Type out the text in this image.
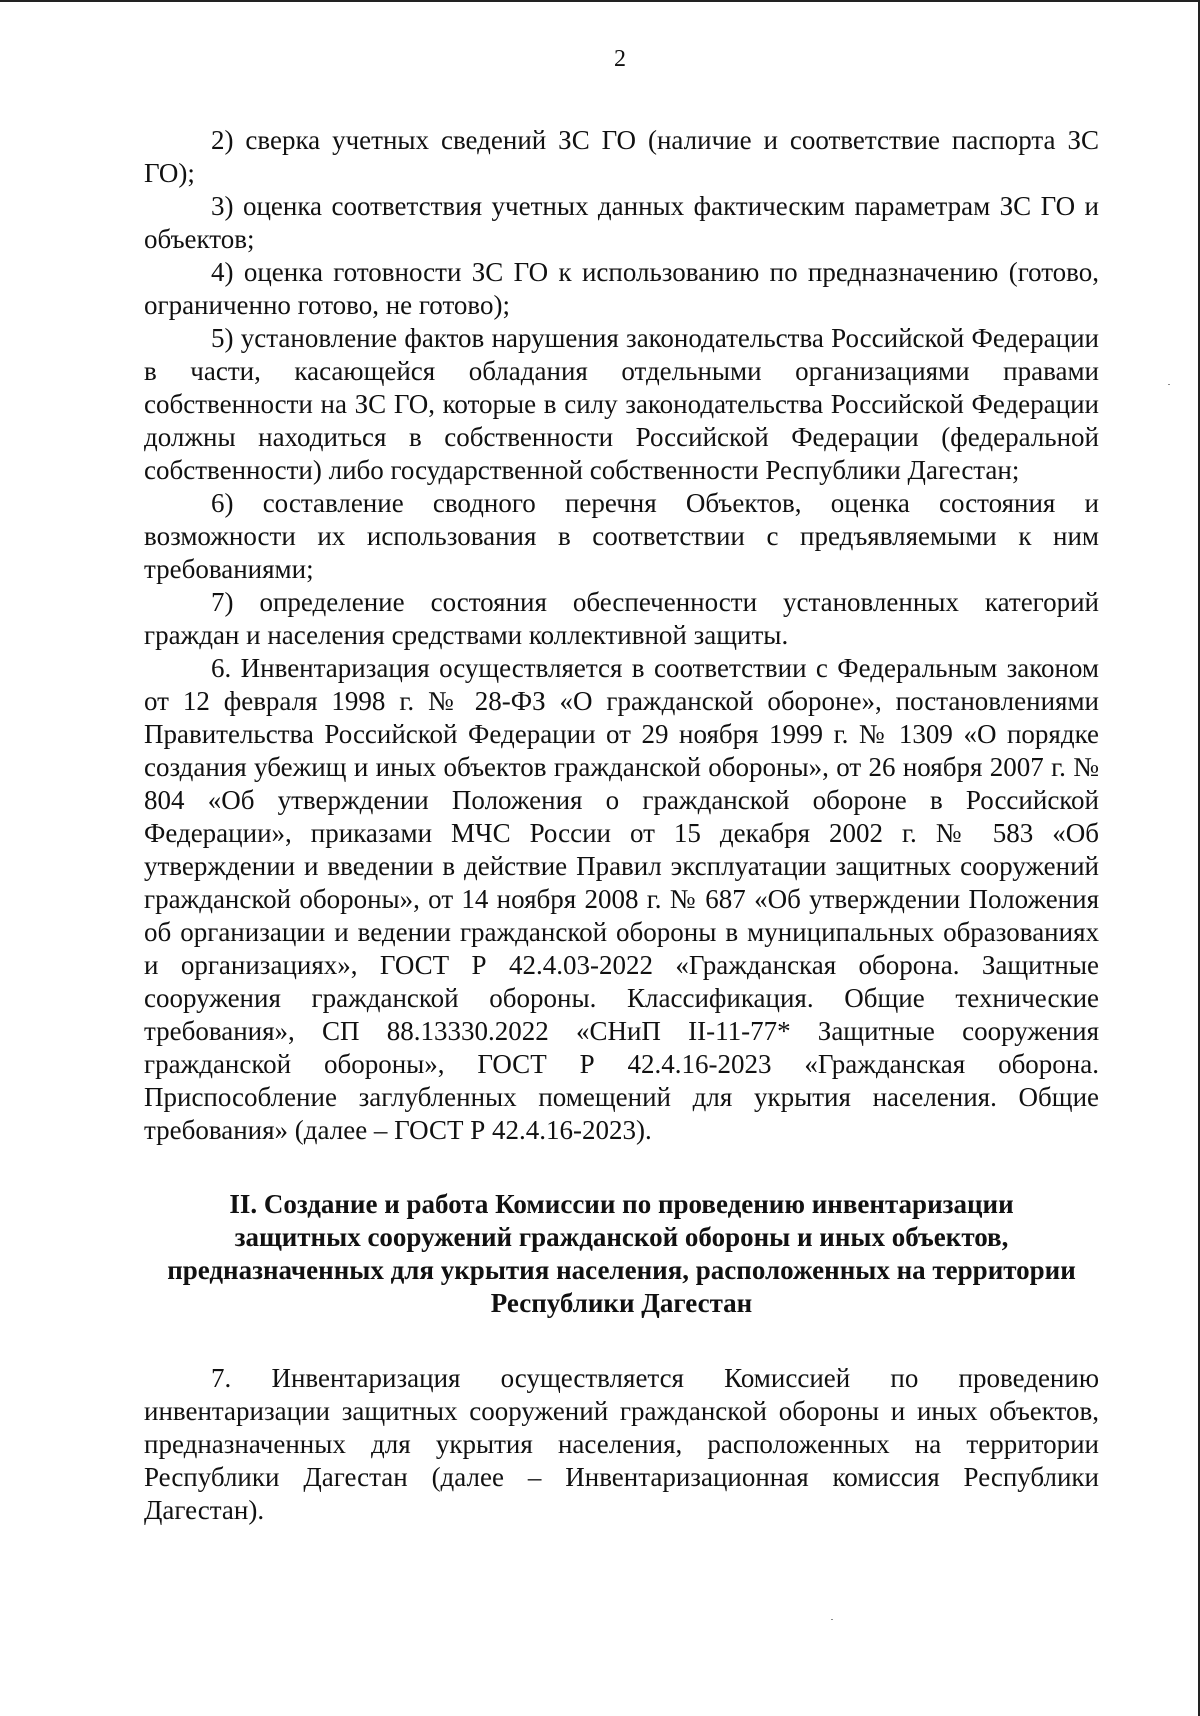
2

2) сверка учетных сведений ЗС ГО (наличие и соответствие паспорта ЗС ГО);

3) оценка соответствия учетных данных фактическим параметрам ЗС ГО и объектов;

4) оценка готовности ЗС ГО к использованию по предназначению (готово, ограниченно готово, не готово);

5) установление фактов нарушения законодательства Российской Федерации в части, касающейся обладания отдельными организациями правами собственности на ЗС ГО, которые в силу законодательства Российской Федерации должны находиться в собственности Российской Федерации (федеральной собственности) либо государственной собственности Республики Дагестан;

6) составление сводного перечня Объектов, оценка состояния и возможности их использования в соответствии с предъявляемыми к ним требованиями;

7) определение состояния обеспеченности установленных категорий граждан и населения средствами коллективной защиты.

6. Инвентаризация осуществляется в соответствии с Федеральным законом от 12 февраля 1998 г. № 28-ФЗ «О гражданской обороне», постановлениями Правительства Российской Федерации от 29 ноября 1999 г. № 1309 «О порядке создания убежищ и иных объектов гражданской обороны», от 26 ноября 2007 г. № 804 «Об утверждении Положения о гражданской обороне в Российской Федерации», приказами МЧС России от 15 декабря 2002 г. № 583 «Об утверждении и введении в действие Правил эксплуатации защитных сооружений гражданской обороны», от 14 ноября 2008 г. № 687 «Об утверждении Положения об организации и ведении гражданской обороны в муниципальных образованиях и организациях», ГОСТ Р 42.4.03-2022 «Гражданская оборона. Защитные сооружения гражданской обороны. Классификация. Общие технические требования», СП 88.13330.2022 «СНиП II-11-77* Защитные сооружения гражданской обороны», ГОСТ Р 42.4.16-2023 «Гражданская оборона. Приспособление заглубленных помещений для укрытия населения. Общие требования» (далее – ГОСТ Р 42.4.16-2023).

II. Создание и работа Комиссии по проведению инвентаризации защитных сооружений гражданской обороны и иных объектов, предназначенных для укрытия населения, расположенных на территории Республики Дагестан

7. Инвентаризация осуществляется Комиссией по проведению инвентаризации защитных сооружений гражданской обороны и иных объектов, предназначенных для укрытия населения, расположенных на территории Республики Дагестан (далее – Инвентаризационная комиссия Республики Дагестан).
